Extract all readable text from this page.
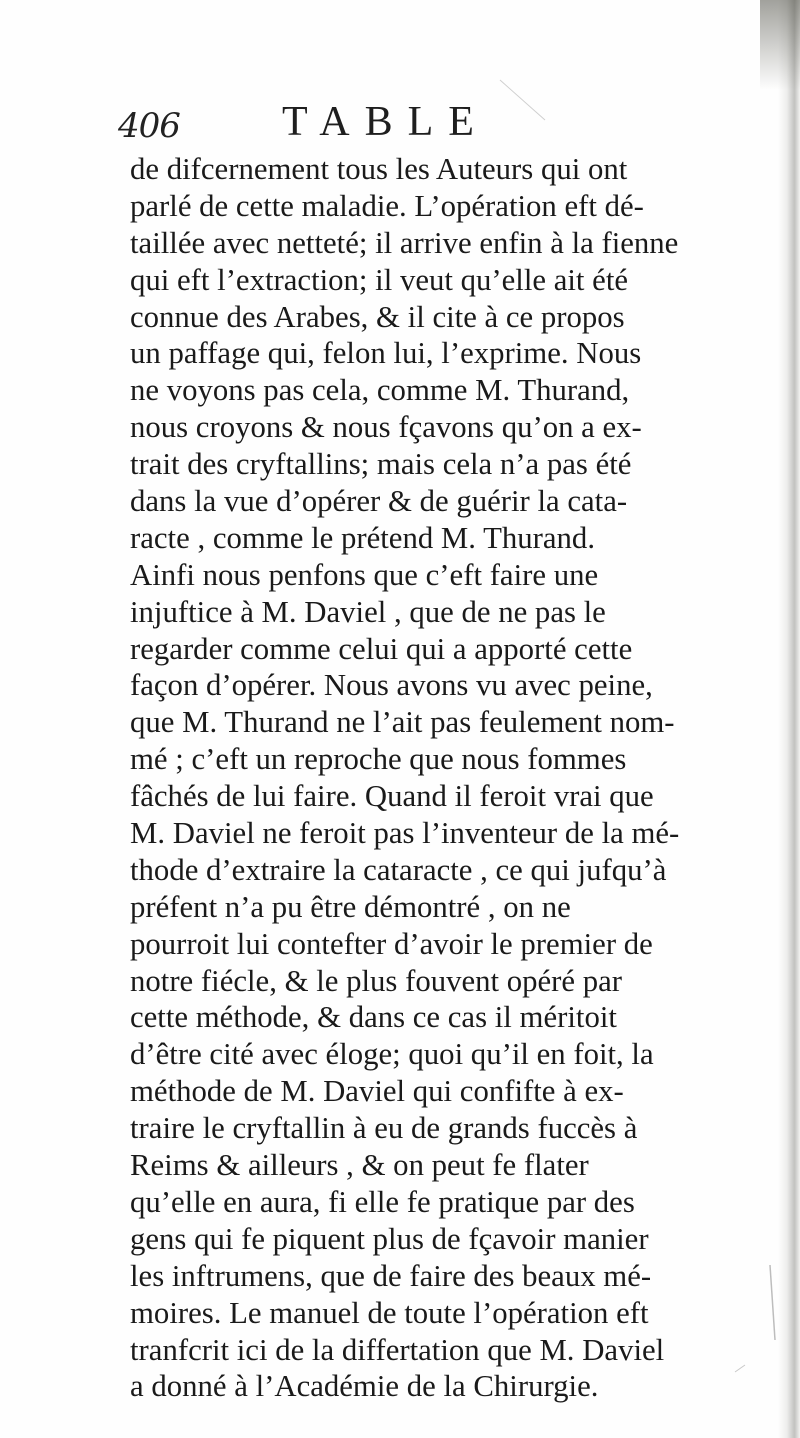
406 TABLE
de difcernement tous les Auteurs qui ont
parlé de cette maladie. L’opération eft dé-
taillée avec netteté; il arrive enfin à la fienne
qui eft l’extraction; il veut qu’elle ait été
connue des Arabes, & il cite à ce propos
un paffage qui, felon lui, l’exprime. Nous
ne voyons pas cela, comme M. Thurand,
nous croyons & nous fçavons qu’on a ex-
trait des cryftallins; mais cela n’a pas été
dans la vue d’opérer & de guérir la cata-
racte , comme le prétend M. Thurand.
Ainfi nous penfons que c’eft faire une
injuftice à M. Daviel , que de ne pas le
regarder comme celui qui a apporté cette
façon d’opérer. Nous avons vu avec peine,
que M. Thurand ne l’ait pas feulement nom-
mé ; c’eft un reproche que nous fommes
fâchés de lui faire. Quand il feroit vrai que
M. Daviel ne feroit pas l’inventeur de la mé-
thode d’extraire la cataracte , ce qui jufqu’à
préfent n’a pu être démontré , on ne
pourroit lui contefter d’avoir le premier de
notre fiécle, & le plus fouvent opéré par
cette méthode, & dans ce cas il méritoit
d’être cité avec éloge; quoi qu’il en foit, la
méthode de M. Daviel qui confifte à ex-
traire le cryftallin à eu de grands fuccès à
Reims & ailleurs , & on peut fe flater
qu’elle en aura, fi elle fe pratique par des
gens qui fe piquent plus de fçavoir manier
les inftrumens, que de faire des beaux mé-
moires. Le manuel de toute l’opération eft
tranfcrit ici de la differtation que M. Daviel
a donné à l’Académie de la Chirurgie.
